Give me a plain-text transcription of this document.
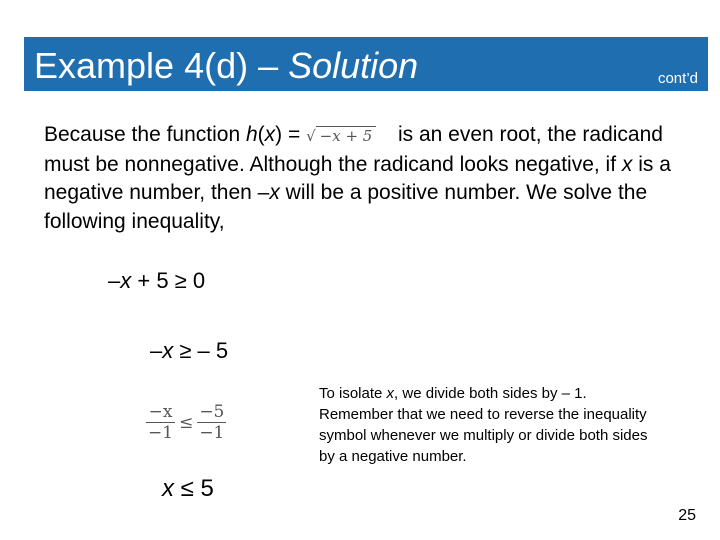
Example 4(d) – Solution	cont’d
Because the function h(x) = √ −x + 5 is an even root, the radicand must be nonnegative. Although the radicand looks negative, if x is a negative number, then –x will be a positive number. We solve the following inequality,
–x + 5 ≥ 0
–x ≥ – 5
$\frac{-x}{-1} \le \frac{-5}{-1}$
x ≤ 5
To isolate x, we divide both sides by – 1. Remember that we need to reverse the inequality symbol whenever we multiply or divide both sides by a negative number.
25
